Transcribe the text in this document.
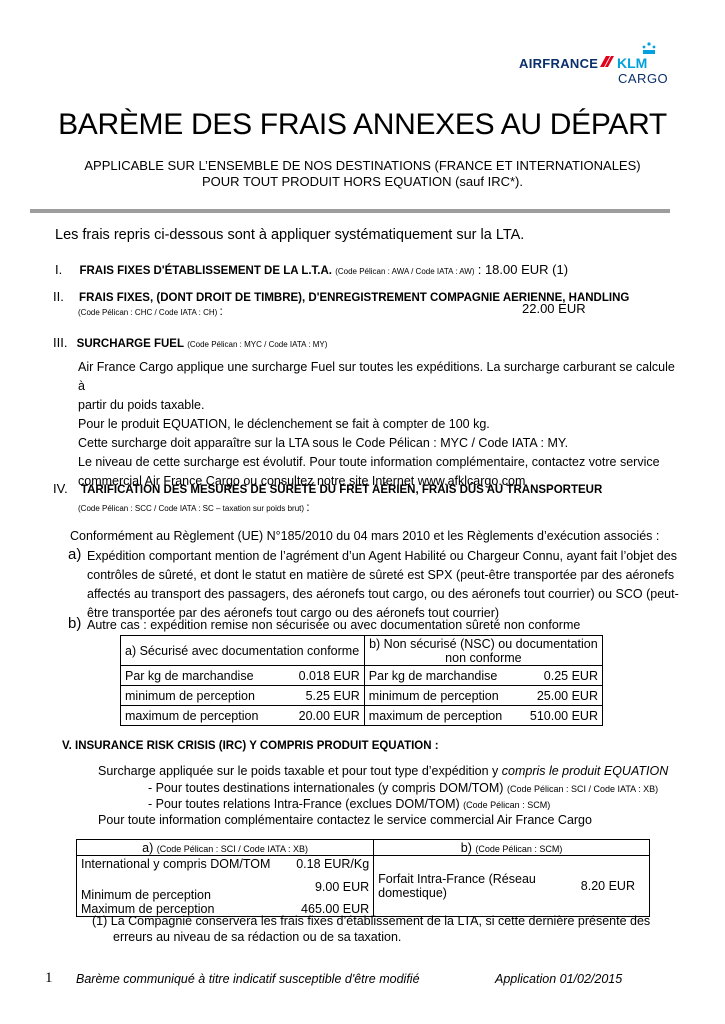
AIRFRANCE KLM
CARGO
BARÈME DES FRAIS ANNEXES AU DÉPART
APPLICABLE SUR L’ENSEMBLE DE NOS DESTINATIONS (FRANCE ET INTERNATIONALES)
POUR TOUT PRODUIT HORS EQUATION (sauf IRC*).
Les frais repris ci-dessous sont à appliquer systématiquement sur la LTA.
I. FRAIS FIXES D'ÉTABLISSEMENT DE LA L.T.A. (Code Pélican : AWA / Code IATA : AW) : 18.00 EUR (1)
II. FRAIS FIXES, (DONT DROIT DE TIMBRE), D'ENREGISTREMENT COMPAGNIE AERIENNE, HANDLING
(Code Pélican : CHC / Code IATA : CH) :	22.00 EUR
III. SURCHARGE FUEL (Code Pélican : MYC / Code IATA : MY)
Air France Cargo applique une surcharge Fuel sur toutes les expéditions. La surcharge carburant se calcule à
partir du poids taxable.
Pour le produit EQUATION, le déclenchement se fait à compter de 100 kg.
Cette surcharge doit apparaître sur la LTA sous le Code Pélican : MYC / Code IATA : MY.
Le niveau de cette surcharge est évolutif. Pour toute information complémentaire, contactez votre service
commercial Air France Cargo ou consultez notre site Internet www.afklcargo.com
IV. TARIFICATION DES MESURES DE SÛRETÉ DU FRET AÉRIEN, FRAIS DÛS AU TRANSPORTEUR
(Code Pélican : SCC / Code IATA : SC – taxation sur poids brut) :
Conformément au Règlement (UE) N°185/2010 du 04 mars 2010 et les Règlements d’exécution associés :
a) Expédition comportant mention de l’agrément d’un Agent Habilité ou Chargeur Connu, ayant fait l’objet des
contrôles de sûreté, et dont le statut en matière de sûreté est SPX (peut-être transportée par des aéronefs
affectés au transport des passagers, des aéronefs tout cargo, ou des aéronefs tout courrier) ou SCO (peut-
être transportée par des aéronefs tout cargo ou des aéronefs tout courrier)
b) Autre cas : expédition remise non sécurisée ou avec documentation sûreté non conforme
a) Sécurisé avec documentation conforme		b) Non sécurisé (NSC) ou documentation
non conforme	

Par kg de marchandise	0.018 EUR	Par kg de marchandise	0.25 EUR
minimum de perception	5.25 EUR	minimum de perception	25.00 EUR
maximum de perception	20.00 EUR	maximum de perception	510.00 EUR
V. INSURANCE RISK CRISIS (IRC) Y COMPRIS PRODUIT EQUATION :
Surcharge appliquée sur le poids taxable et pour tout type d’expédition y compris le produit EQUATION
- Pour toutes destinations internationales (y compris DOM/TOM) (Code Pélican : SCI / Code IATA : XB)
- Pour toutes relations Intra-France (exclues DOM/TOM) (Code Pélican : SCM)
Pour toute information complémentaire contactez le service commercial Air France Cargo
a) (Code Pélican : SCI / Code IATA : XB)		b) (Code Pélican : SCM)	
International y compris DOM/TOM	0.18 EUR/Kg	Forfait Intra-France (Réseau domestique)	8.20 EUR
Minimum de perception	9.00 EUR		
Maximum de perception	465.00 EUR		
(1) La Compagnie conservera les frais fixes d’établissement de la LTA, si cette dernière présente des
erreurs au niveau de sa rédaction ou de sa taxation.
1 Barème communiqué à titre indicatif susceptible d'être modifié	Application 01/02/2015
